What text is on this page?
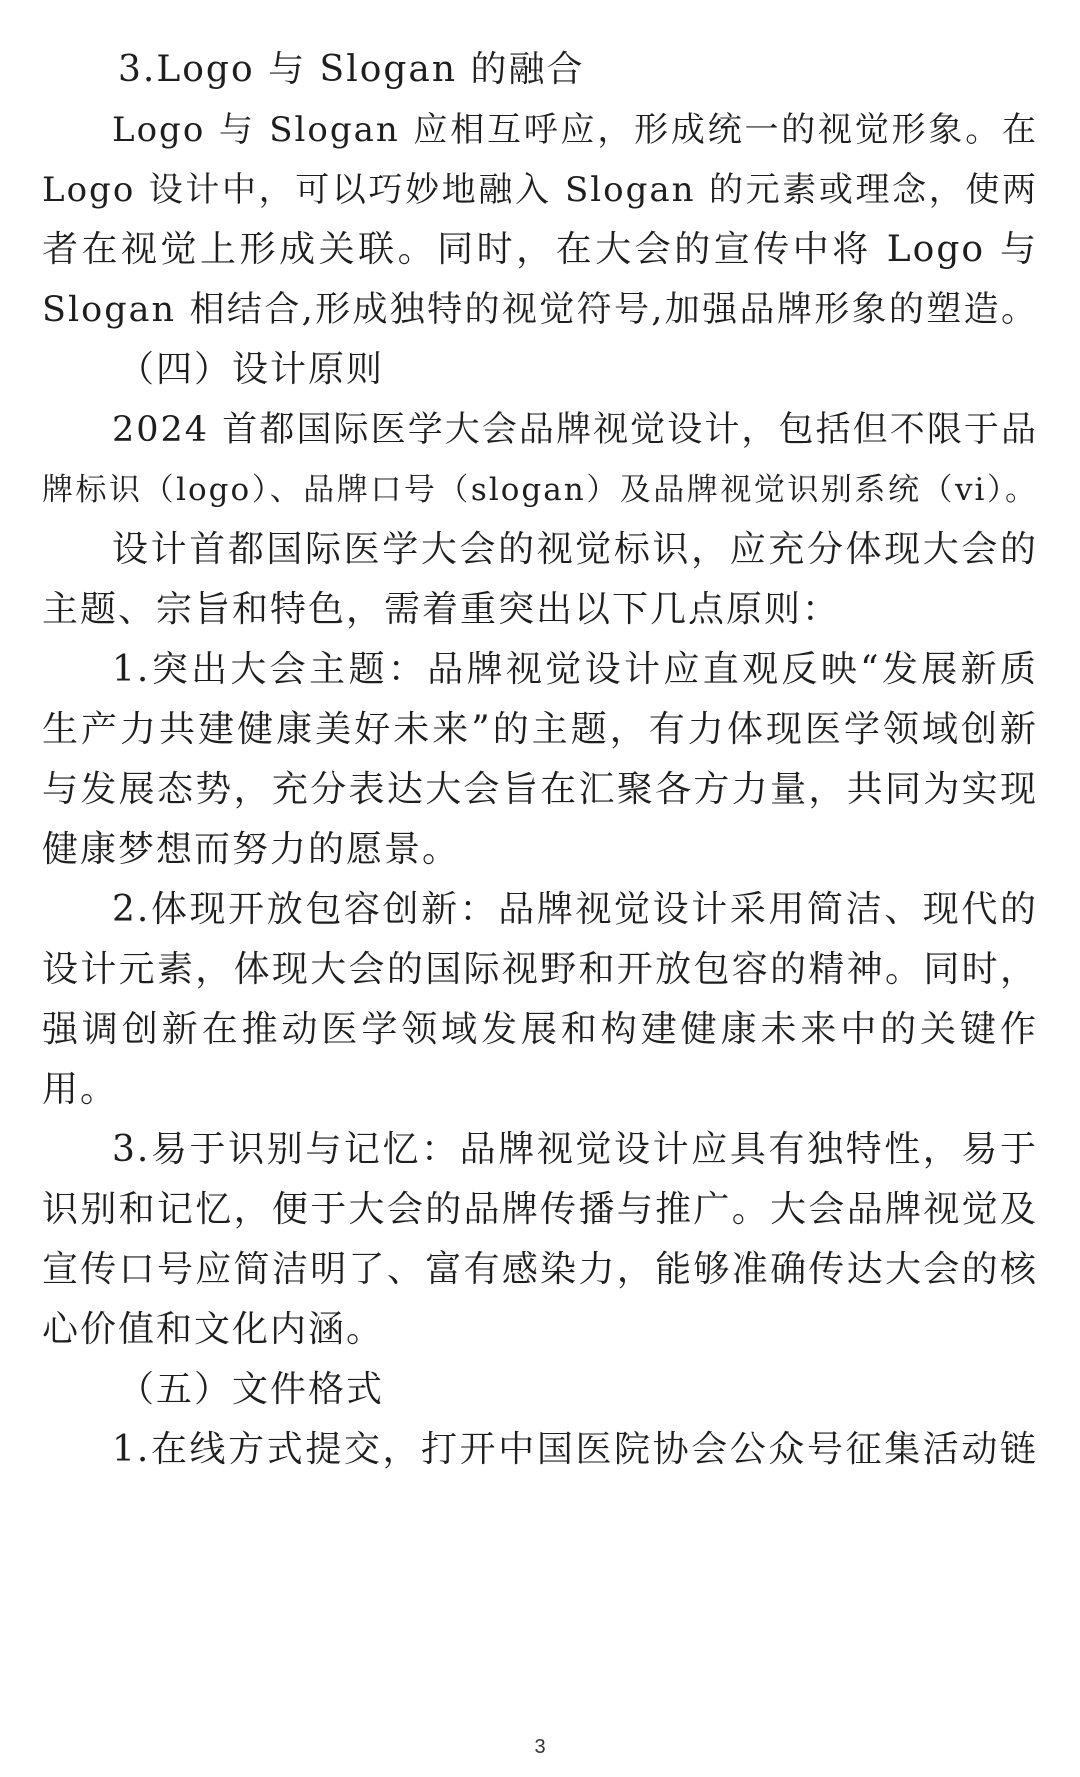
3.Logo 与 Slogan 的融合
Logo 与 Slogan 应相互呼应，形成统一的视觉形象。在
Logo 设计中，可以巧妙地融入 Slogan 的元素或理念，使两
者在视觉上形成关联。同时，在大会的宣传中将 Logo 与
Slogan 相结合,形成独特的视觉符号,加强品牌形象的塑造。
（四）设计原则
2024 首都国际医学大会品牌视觉设计，包括但不限于品
牌标识（logo）、品牌口号（slogan）及品牌视觉识别系统（vi）。
设计首都国际医学大会的视觉标识，应充分体现大会的
主题、宗旨和特色，需着重突出以下几点原则：
1.突出大会主题：品牌视觉设计应直观反映“发展新质
生产力共建健康美好未来”的主题，有力体现医学领域创新
与发展态势，充分表达大会旨在汇聚各方力量，共同为实现
健康梦想而努力的愿景。
2.体现开放包容创新：品牌视觉设计采用简洁、现代的
设计元素，体现大会的国际视野和开放包容的精神。同时，
强调创新在推动医学领域发展和构建健康未来中的关键作
用。
3.易于识别与记忆：品牌视觉设计应具有独特性，易于
识别和记忆，便于大会的品牌传播与推广。大会品牌视觉及
宣传口号应简洁明了、富有感染力，能够准确传达大会的核
心价值和文化内涵。
（五）文件格式
1.在线方式提交，打开中国医院协会公众号征集活动链
3
